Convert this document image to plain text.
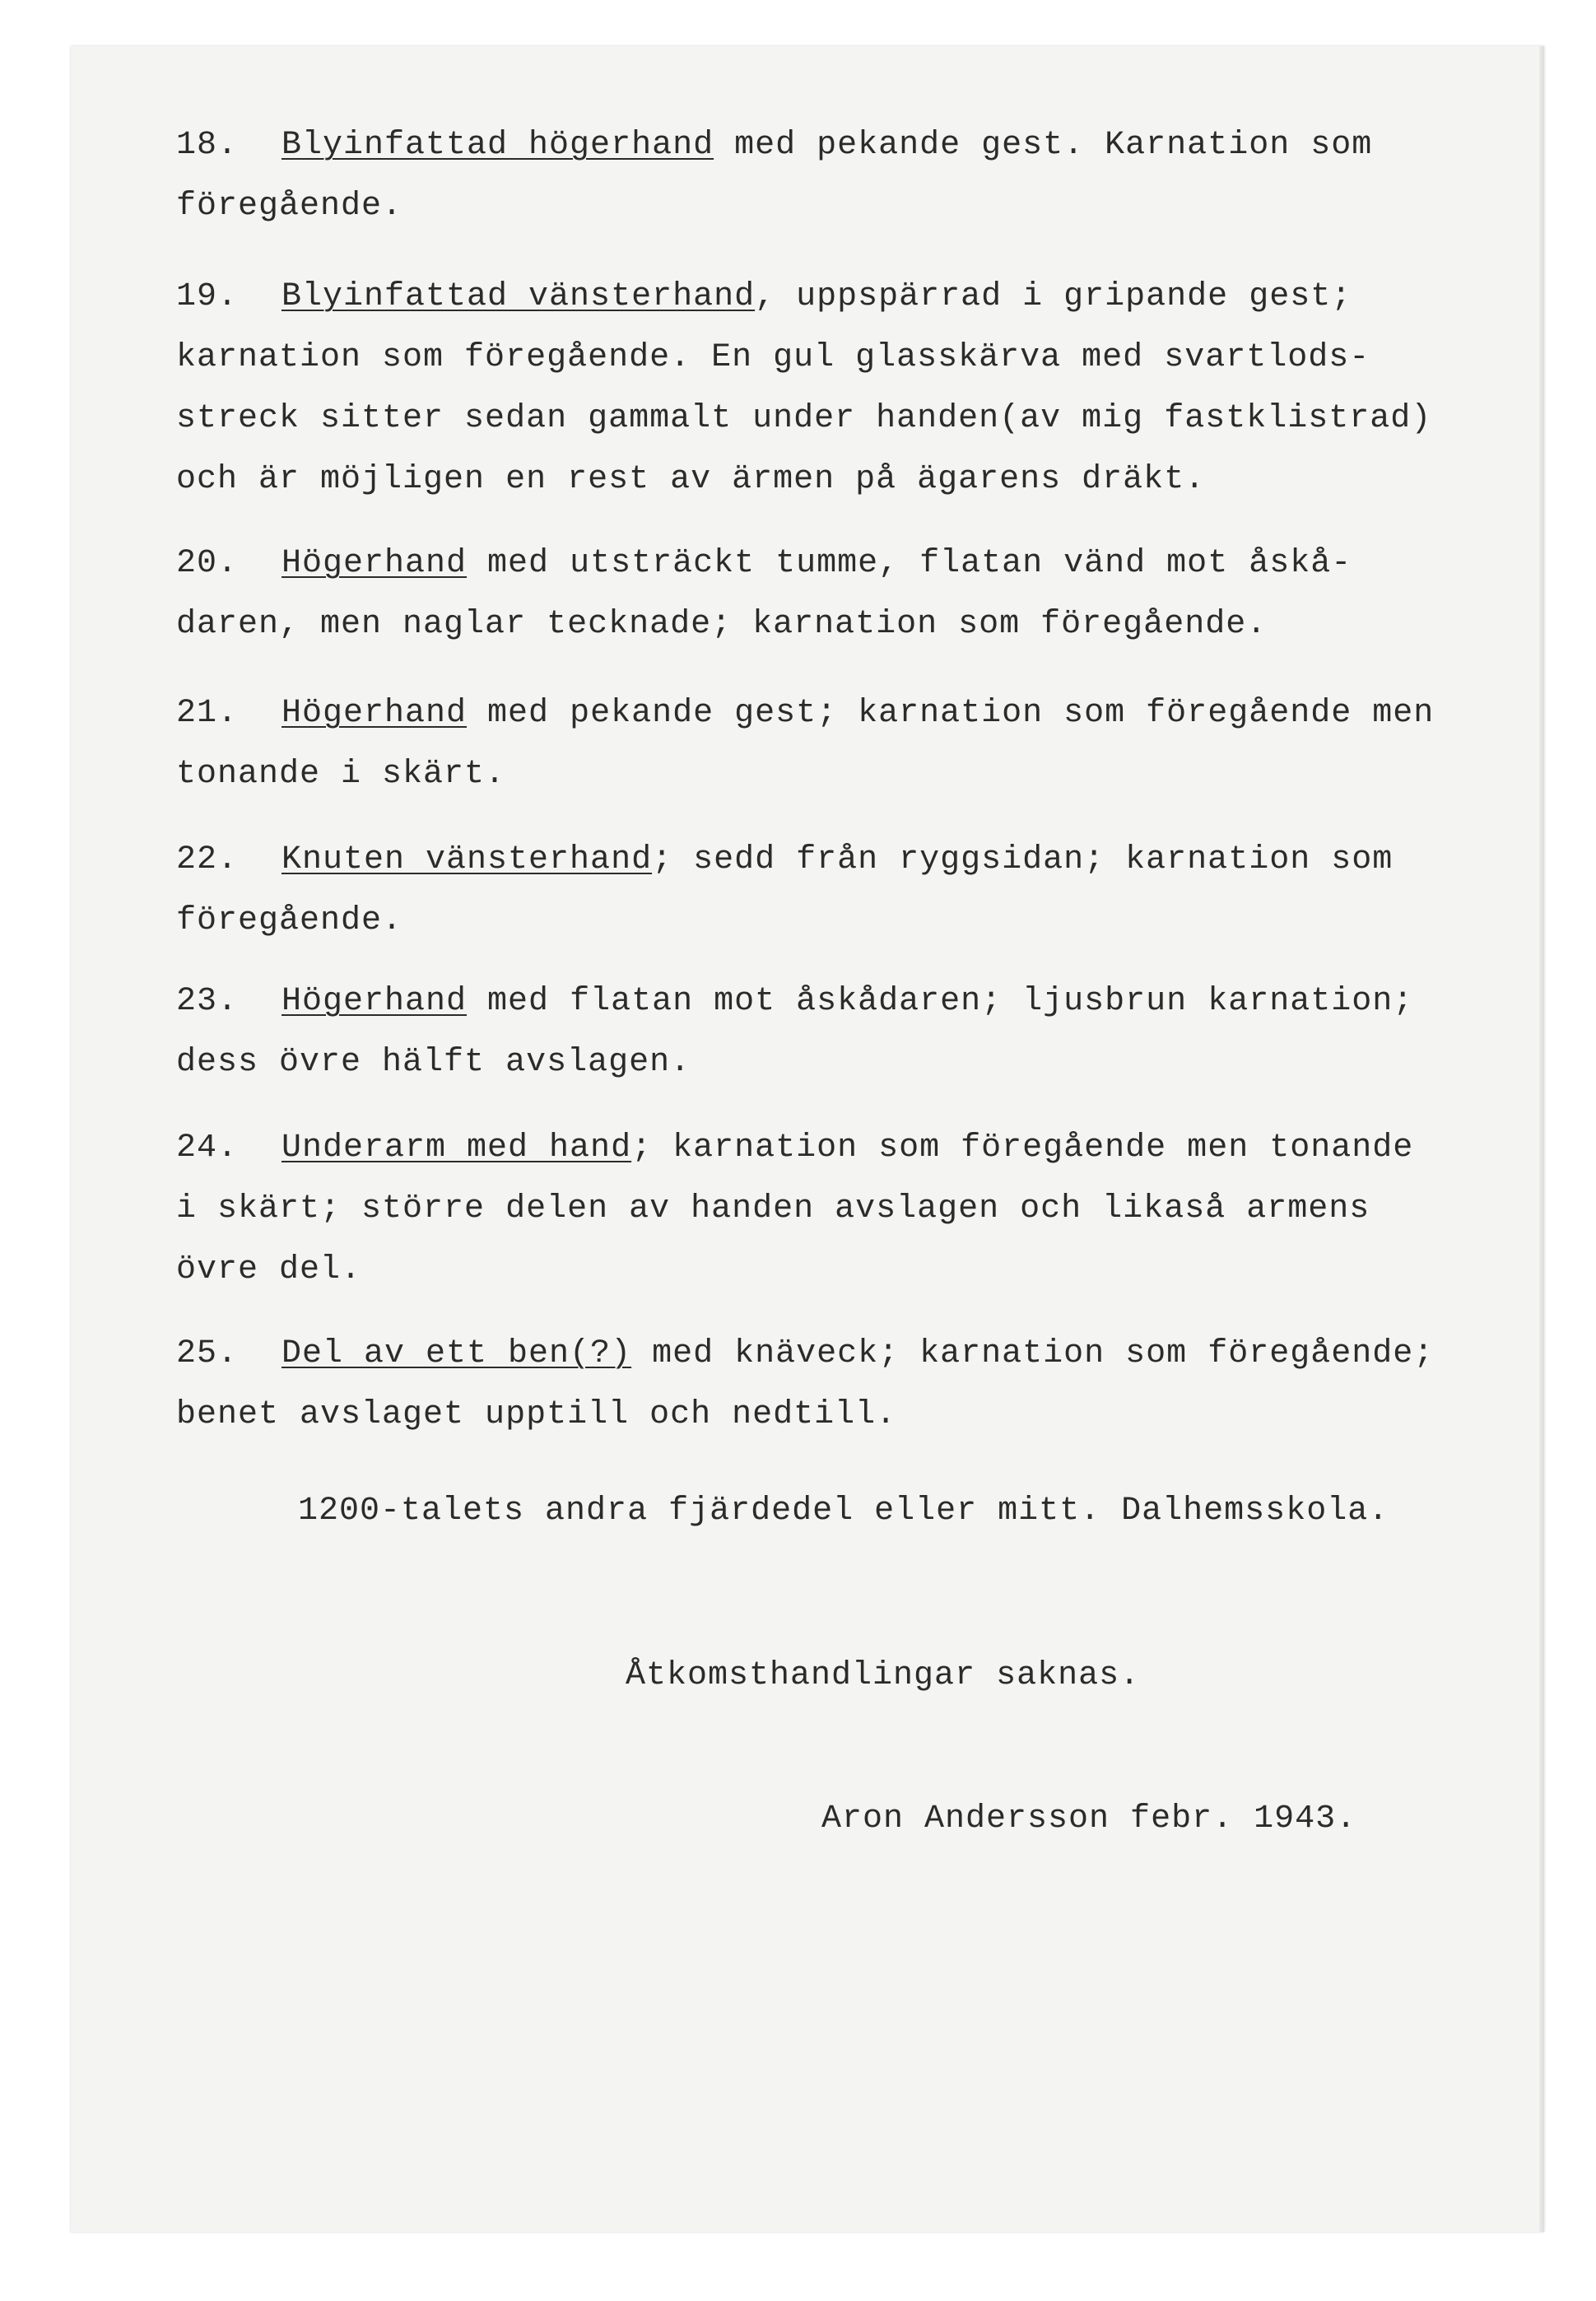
18. Blyinfattad högerhand med pekande gest. Karnation som
föregående.
19. Blyinfattad vänsterhand, uppspärrad i gripande gest;
karnation som föregående. En gul glasskärva med svartlods-
streck sitter sedan gammalt under handen(av mig fastklistrad)
och är möjligen en rest av ärmen på ägarens dräkt.
20. Högerhand med utsträckt tumme, flatan vänd mot åskå-
daren, men naglar tecknade; karnation som föregående.
21. Högerhand med pekande gest; karnation som föregående men
tonande i skärt.
22. Knuten vänsterhand; sedd från ryggsidan; karnation som
föregående.
23. Högerhand med flatan mot åskådaren; ljusbrun karnation;
dess övre hälft avslagen.
24. Underarm med hand; karnation som föregående men tonande
i skärt; större delen av handen avslagen och likaså armens
övre del.
25. Del av ett ben(?) med knäveck; karnation som föregående;
benet avslaget upptill och nedtill.
1200-talets andra fjärdedel eller mitt. Dalhemsskola.
Åtkomsthandlingar saknas.
Aron Andersson febr. 1943.
